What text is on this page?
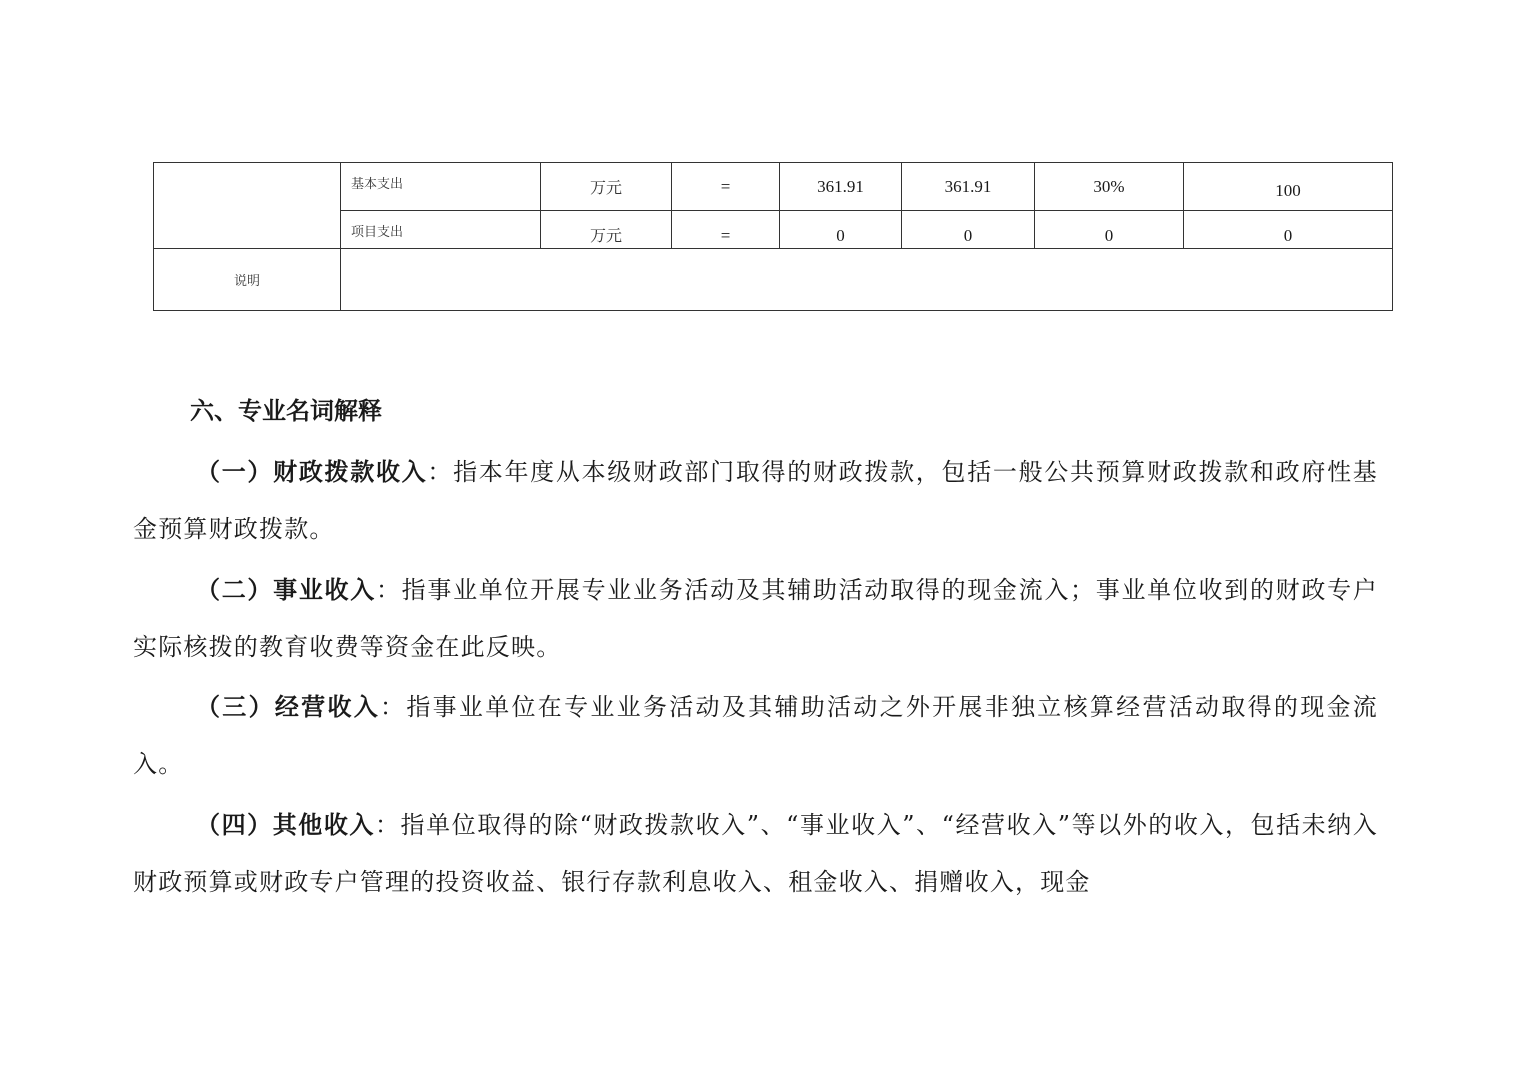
	基本支出	万元	=	361.91	361.91	30%	100
	项目支出	万元	=	0	0	0	0
说明							
六、专业名词解释

（一）财政拨款收入：指本年度从本级财政部门取得的财政拨款，包括一般公共预算财政拨款和政府性基金预算财政拨款。

（二）事业收入：指事业单位开展专业业务活动及其辅助活动取得的现金流入；事业单位收到的财政专户实际核拨的教育收费等资金在此反映。

（三）经营收入：指事业单位在专业业务活动及其辅助活动之外开展非独立核算经营活动取得的现金流入。

（四）其他收入：指单位取得的除“财政拨款收入”、“事业收入”、“经营收入”等以外的收入，包括未纳入财政预算或财政专户管理的投资收益、银行存款利息收入、租金收入、捐赠收入，现金
